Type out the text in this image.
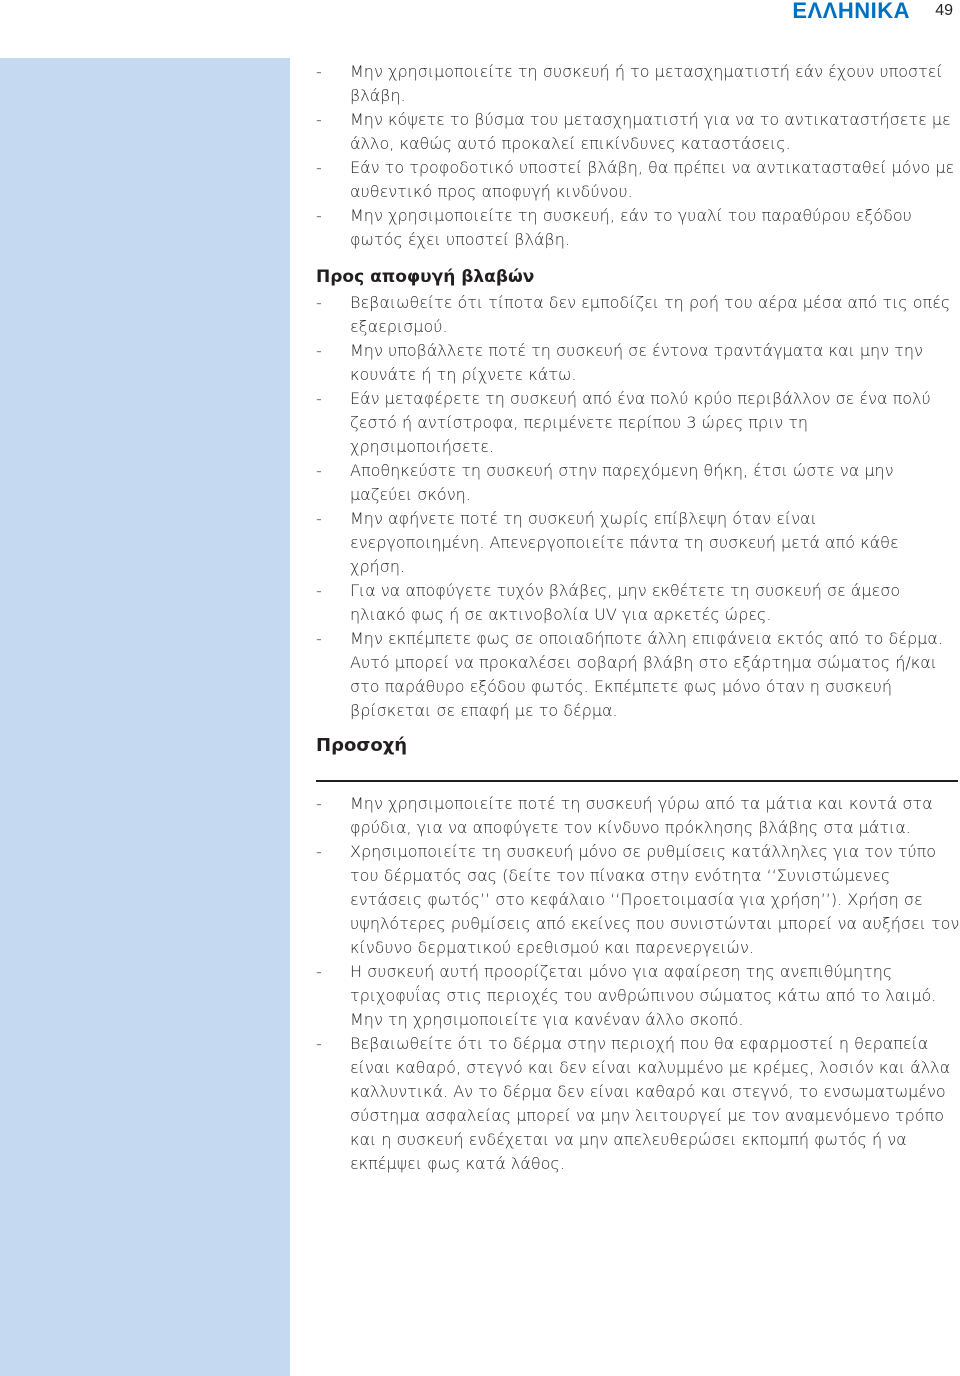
ΕΛΛΗΝΙΚΑ 49
- Μην χρησιμοποιείτε τη συσκευή ή το μετασχηματιστή εάν έχουν υποστεί βλάβη.
- Μην κόψετε το βύσμα του μετασχηματιστή για να το αντικαταστήσετε με άλλο, καθώς αυτό προκαλεί επικίνδυνες καταστάσεις.
- Εάν το τροφοδοτικό υποστεί βλάβη, θα πρέπει να αντικατασταθεί μόνο με αυθεντικό προς αποφυγή κινδύνου.
- Μην χρησιμοποιείτε τη συσκευή, εάν το γυαλί του παραθύρου εξόδου φωτός έχει υποστεί βλάβη.
Προς αποφυγή βλαβών
- Βεβαιωθείτε ότι τίποτα δεν εμποδίζει τη ροή του αέρα μέσα από τις οπές εξαερισμού.
- Μην υποβάλλετε ποτέ τη συσκευή σε έντονα τραντάγματα και μην την κουνάτε ή τη ρίχνετε κάτω.
- Εάν μεταφέρετε τη συσκευή από ένα πολύ κρύο περιβάλλον σε ένα πολύ ζεστό ή αντίστροφα, περιμένετε περίπου 3 ώρες πριν τη χρησιμοποιήσετε.
- Αποθηκεύστε τη συσκευή στην παρεχόμενη θήκη, έτσι ώστε να μην μαζεύει σκόνη.
- Μην αφήνετε ποτέ τη συσκευή χωρίς επίβλεψη όταν είναι ενεργοποιημένη. Απενεργοποιείτε πάντα τη συσκευή μετά από κάθε χρήση.
- Για να αποφύγετε τυχόν βλάβες, μην εκθέτετε τη συσκευή σε άμεσο ηλιακό φως ή σε ακτινοβολία UV για αρκετές ώρες.
- Μην εκπέμπετε φως σε οποιαδήποτε άλλη επιφάνεια εκτός από το δέρμα. Αυτό μπορεί να προκαλέσει σοβαρή βλάβη στο εξάρτημα σώματος ή/και στο παράθυρο εξόδου φωτός. Εκπέμπετε φως μόνο όταν η συσκευή βρίσκεται σε επαφή με το δέρμα.
Προσοχή
- Μην χρησιμοποιείτε ποτέ τη συσκευή γύρω από τα μάτια και κοντά στα φρύδια, για να αποφύγετε τον κίνδυνο πρόκλησης βλάβης στα μάτια.
- Χρησιμοποιείτε τη συσκευή μόνο σε ρυθμίσεις κατάλληλες για τον τύπο του δέρματός σας (δείτε τον πίνακα στην ενότητα ‘‘Συνιστώμενες εντάσεις φωτός’’ στο κεφάλαιο ‘‘Προετοιμασία για χρήση’’). Χρήση σε υψηλότερες ρυθμίσεις από εκείνες που συνιστώνται μπορεί να αυξήσει τον κίνδυνο δερματικού ερεθισμού και παρενεργειών.
- Η συσκευή αυτή προορίζεται μόνο για αφαίρεση της ανεπιθύμητης τριχοφυΐας στις περιοχές του ανθρώπινου σώματος κάτω από το λαιμό. Μην τη χρησιμοποιείτε για κανέναν άλλο σκοπό.
- Βεβαιωθείτε ότι το δέρμα στην περιοχή που θα εφαρμοστεί η θεραπεία είναι καθαρό, στεγνό και δεν είναι καλυμμένο με κρέμες, λοσιόν και άλλα καλλυντικά. Αν το δέρμα δεν είναι καθαρό και στεγνό, το ενσωματωμένο σύστημα ασφαλείας μπορεί να μην λειτουργεί με τον αναμενόμενο τρόπο και η συσκευή ενδέχεται να μην απελευθερώσει εκπομπή φωτός ή να εκπέμψει φως κατά λάθος.
